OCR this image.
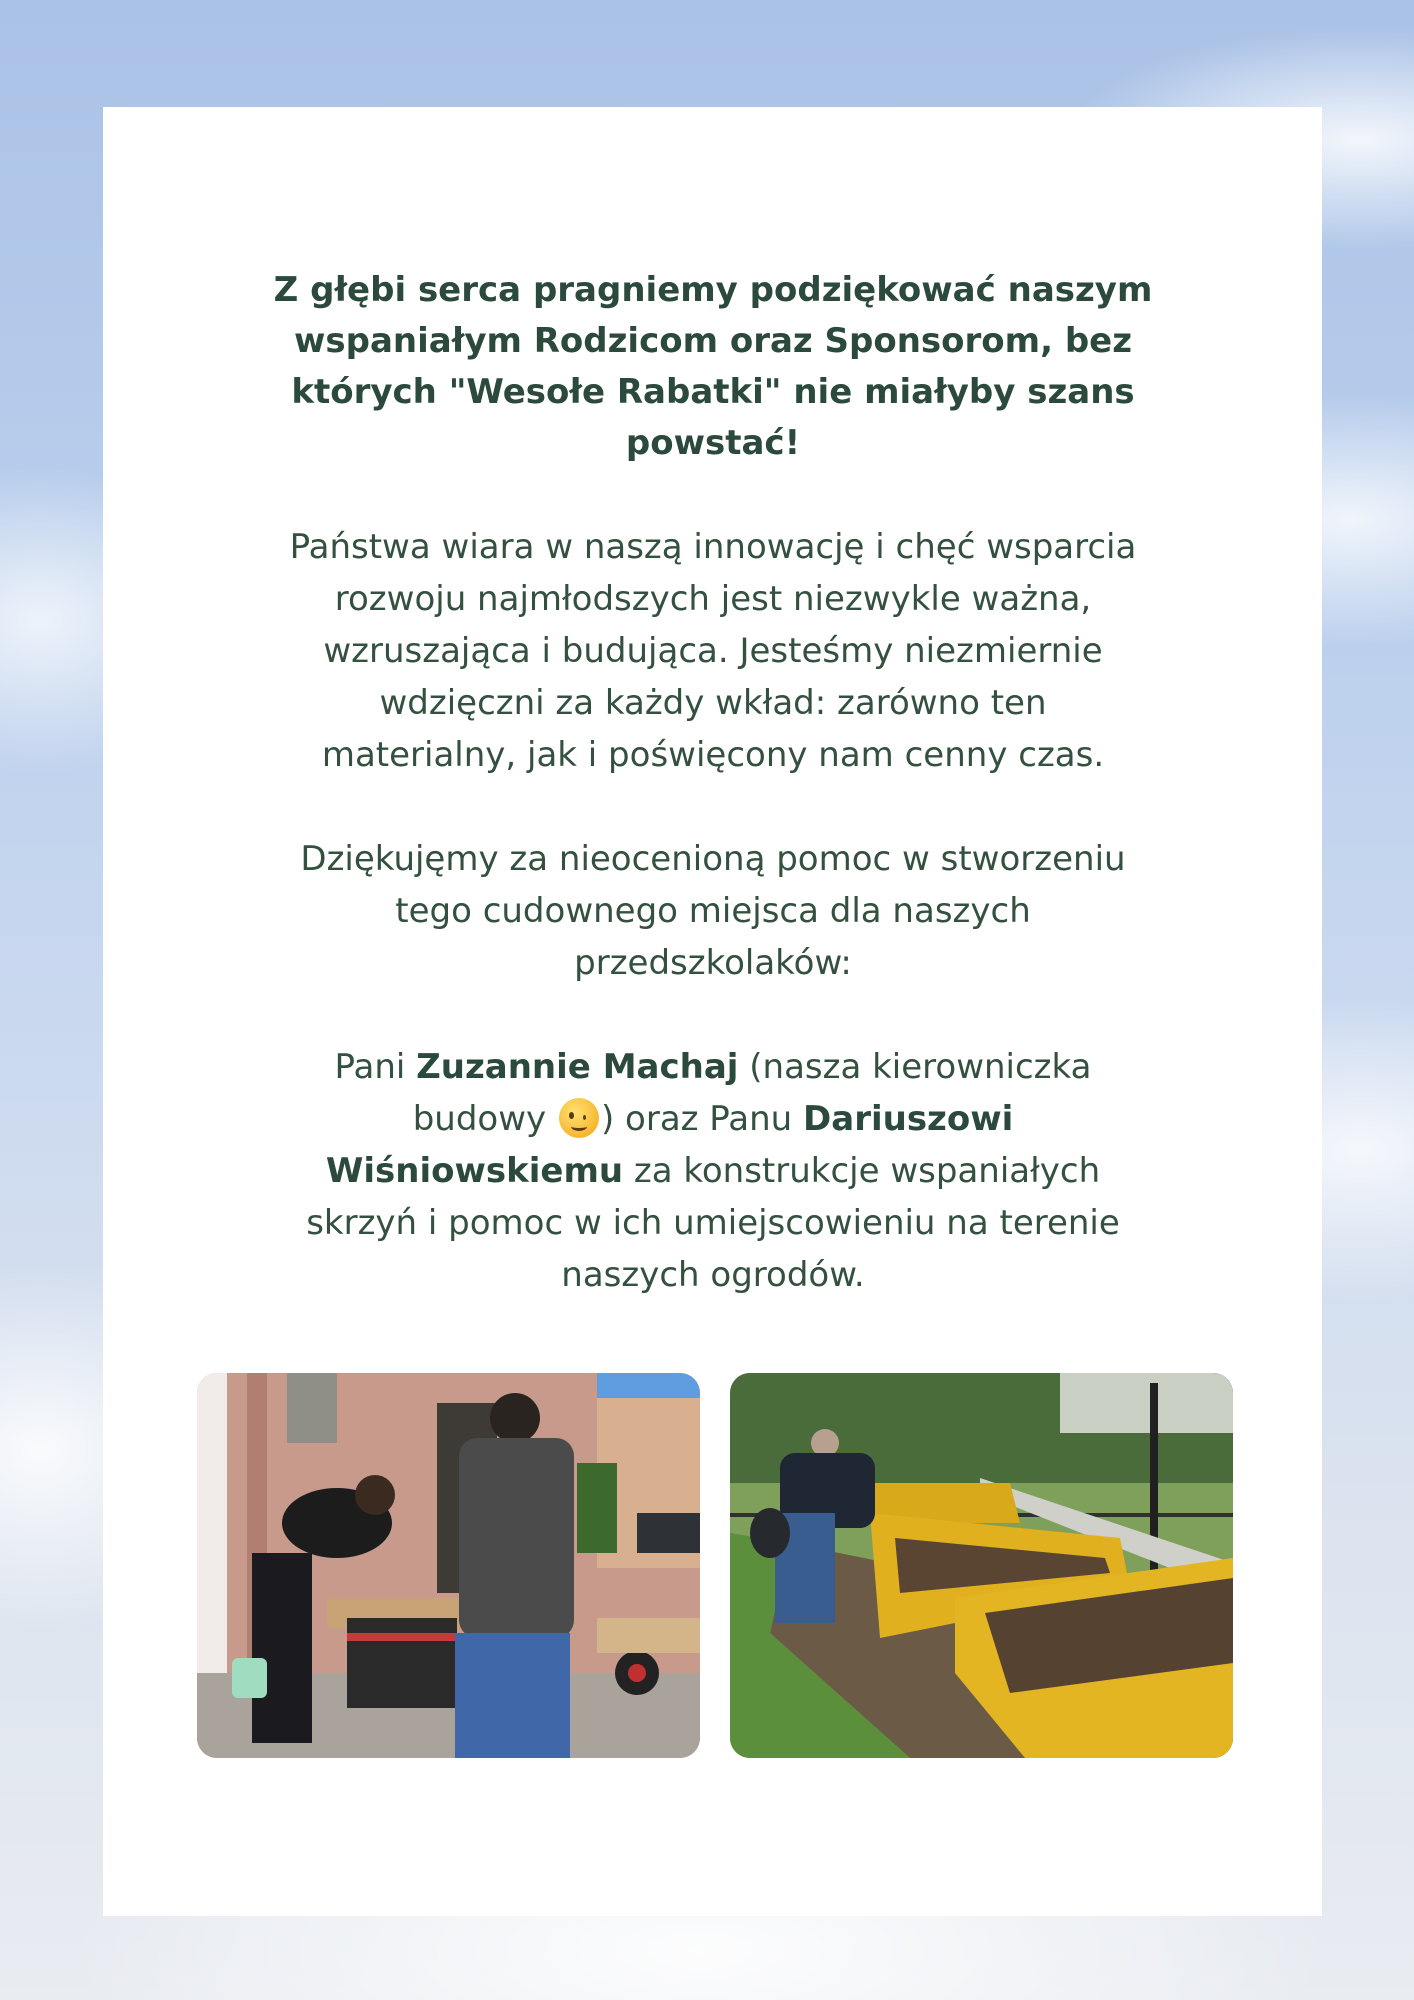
Z głębi serca pragniemy podziękować naszym
wspaniałym Rodzicom oraz Sponsorom, bez
których "Wesołe Rabatki" nie miałyby szans
powstać!

Państwa wiara w naszą innowację i chęć wsparcia
rozwoju najmłodszych jest niezwykle ważna,
wzruszająca i budująca. Jesteśmy niezmiernie
wdzięczni za każdy wkład: zarówno ten
materialny, jak i poświęcony nam cenny czas.

Dziękujęmy za nieocenioną pomoc w stworzeniu
tego cudownego miejsca dla naszych
przedszkolaków:

Pani Zuzannie Machaj (nasza kierowniczka
budowy ) oraz Panu Dariuszowi
Wiśniowskiemu za konstrukcje wspaniałych
skrzyń i pomoc w ich umiejscowieniu na terenie
naszych ogrodów.
